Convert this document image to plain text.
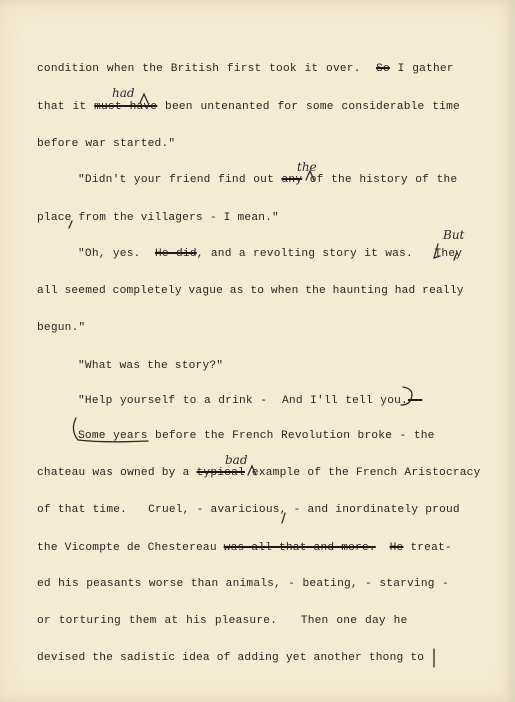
condition when the British first took it over.  So I gather
that it must have been untenanted for some considerable time
before war started."
"Didn't your friend find out any of the history of the
place from the villagers - I mean."
"Oh, yes.  He did, and a revolting story it was.   They
all seemed completely vague as to when the haunting had really
begun."
"What was the story?"
"Help yourself to a drink -  And I'll tell you. -
Some years before the French Revolution broke - the
chateau was owned by a typical example of the French Aristocracy
of that time.   Cruel, - avaricious, - and inordinately proud
the Vicompte de Chestereau was all that and more. He treat-
ed his peasants worse than animals, - beating, - starving -
or torturing them at his pleasure.   Then one day he
devised the sadistic idea of adding yet another thong to
had
the
But
bad
